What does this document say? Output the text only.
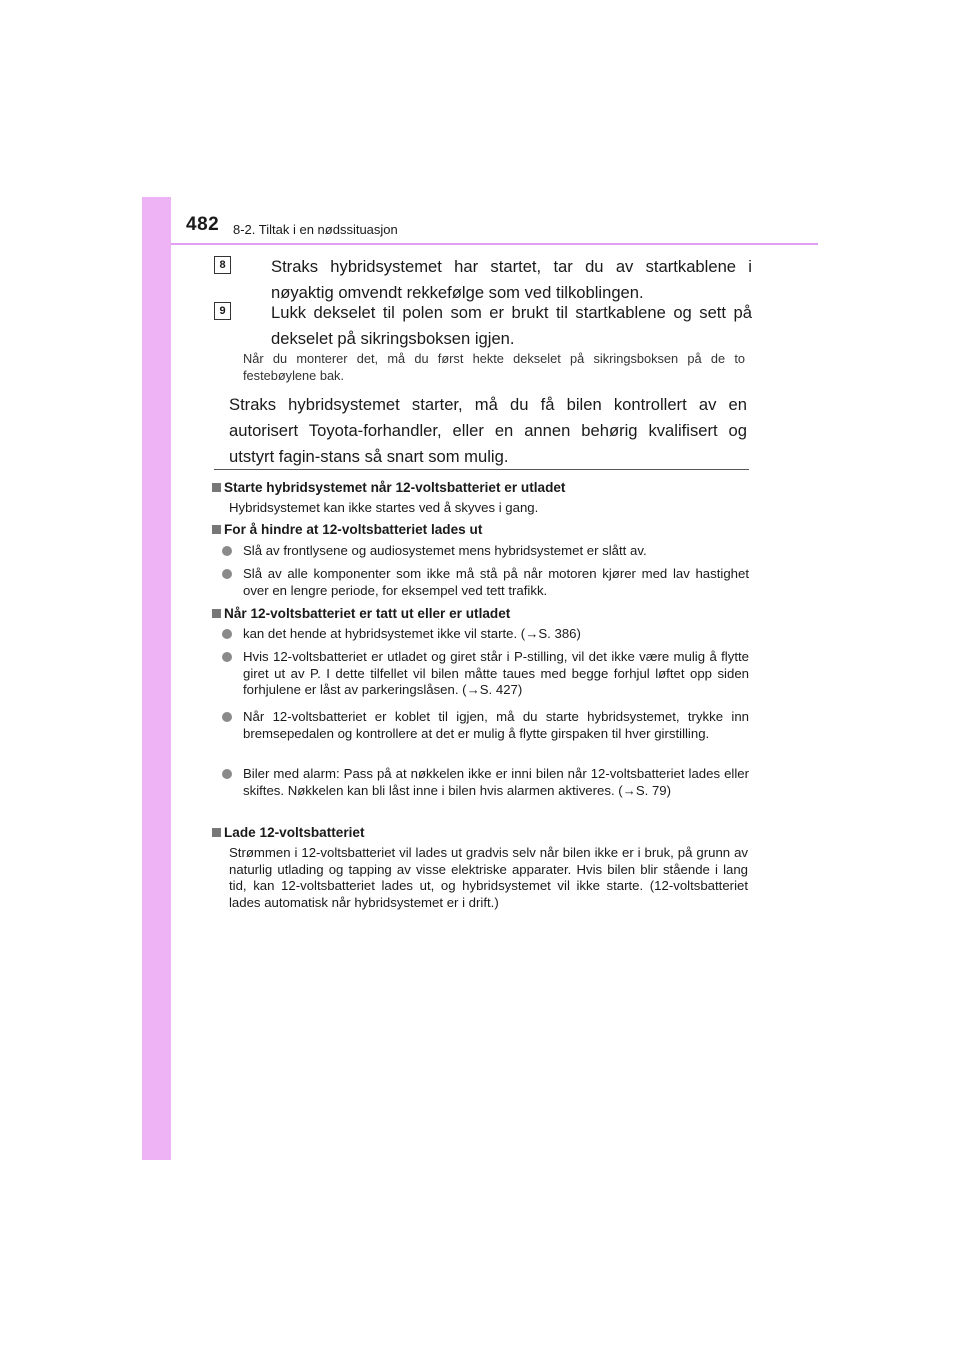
482 8-2. Tiltak i en nødssituasjon
8	Straks hybridsystemet har startet, tar du av startkablene i nøyaktig omvendt rekkefølge som ved tilkoblingen.
9	Lukk dekselet til polen som er brukt til startkablene og sett på dekselet på sikringsboksen igjen.
Når du monterer det, må du først hekte dekselet på sikringsboksen på de to festebøylene bak.
Straks hybridsystemet starter, må du få bilen kontrollert av en autorisert Toyota-forhandler, eller en annen behørig kvalifisert og utstyrt fagin-stans så snart som mulig.
Starte hybridsystemet når 12-voltsbatteriet er utladet
Hybridsystemet kan ikke startes ved å skyves i gang.
For å hindre at 12-voltsbatteriet lades ut
Slå av frontlysene og audiosystemet mens hybridsystemet er slått av.
Slå av alle komponenter som ikke må stå på når motoren kjører med lav hastighet over en lengre periode, for eksempel ved tett trafikk.
Når 12-voltsbatteriet er tatt ut eller er utladet
kan det hende at hybridsystemet ikke vil starte. (→S. 386)
Hvis 12-voltsbatteriet er utladet og giret står i P-stilling, vil det ikke være mulig å flytte giret ut av P. I dette tilfellet vil bilen måtte taues med begge forhjul løftet opp siden forhjulene er låst av parkeringslåsen. (→S. 427)
Når 12-voltsbatteriet er koblet til igjen, må du starte hybridsystemet, trykke inn bremsepedalen og kontrollere at det er mulig å flytte girspaken til hver girstilling.
Biler med alarm: Pass på at nøkkelen ikke er inni bilen når 12-voltsbatteriet lades eller skiftes. Nøkkelen kan bli låst inne i bilen hvis alarmen aktiveres. (→S. 79)
Lade 12-voltsbatteriet
Strømmen i 12-voltsbatteriet vil lades ut gradvis selv når bilen ikke er i bruk, på grunn av naturlig utlading og tapping av visse elektriske apparater. Hvis bilen blir stående i lang tid, kan 12-voltsbatteriet lades ut, og hybridsystemet vil ikke starte. (12-voltsbatteriet lades automatisk når hybridsystemet er i drift.)
